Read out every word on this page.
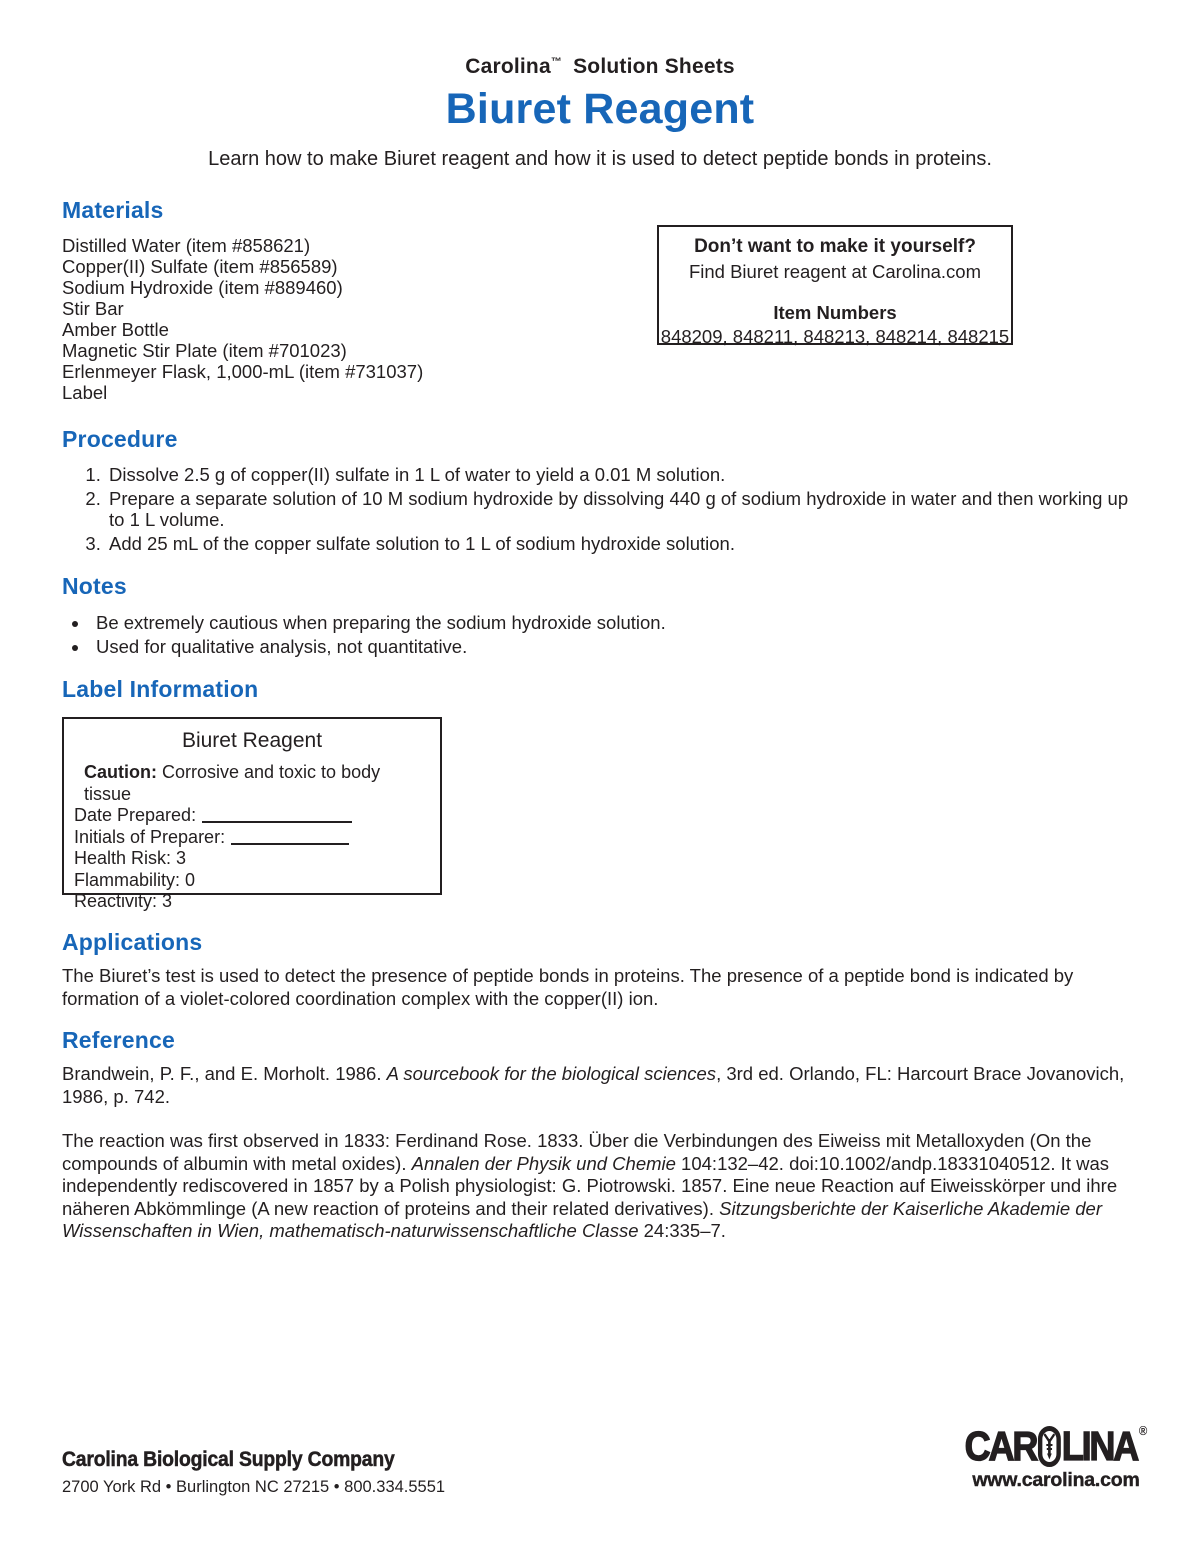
Carolina™ Solution Sheets
Biuret Reagent

Learn how to make Biuret reagent and how it is used to detect peptide bonds in proteins.

Materials
Distilled Water (item #858621)
Copper(II) Sulfate (item #856589)
Sodium Hydroxide (item #889460)
Stir Bar
Amber Bottle
Magnetic Stir Plate (item #701023)
Erlenmeyer Flask, 1,000-mL (item #731037)
Label
Procedure
1. Dissolve 2.5 g of copper(II) sulfate in 1 L of water to yield a 0.01 M solution.
2. Prepare a separate solution of 10 M sodium hydroxide by dissolving 440 g of sodium hydroxide in water and then working up to 1 L volume.
3. Add 25 mL of the copper sulfate solution to 1 L of sodium hydroxide solution.
Notes
• Be extremely cautious when preparing the sodium hydroxide solution.
• Used for qualitative analysis, not quantitative.
Label Information
Biuret Reagent
Caution: Corrosive and toxic to body tissue
Date Prepared:
Initials of Preparer:
Health Risk: 3
Flammability: 0
Reactivity: 3
Applications

The Biuret’s test is used to detect the presence of peptide bonds in proteins. The presence of a peptide bond is indicated by formation of a violet-colored coordination complex with the copper(II) ion.

Reference

Brandwein, P. F., and E. Morholt. 1986. A sourcebook for the biological sciences, 3rd ed. Orlando, FL: Harcourt Brace Jovanovich, 1986, p. 742.

The reaction was first observed in 1833: Ferdinand Rose. 1833. Über die Verbindungen des Eiweiss mit Metalloxyden (On the compounds of albumin with metal oxides). Annalen der Physik und Chemie 104:132–42. doi:10.1002/andp.18331040512. It was independently rediscovered in 1857 by a Polish physiologist: G. Piotrowski. 1857. Eine neue Reaction auf Eiweisskörper und ihre näheren Abkömmlinge (A new reaction of proteins and their related derivatives). Sitzungsberichte der Kaiserliche Akademie der Wissenschaften in Wien, mathematisch-naturwissenschaftliche Classe 24:335–7.

Don’t want to make it yourself?
Find Biuret reagent at Carolina.com
Item Numbers
848209, 848211, 848213, 848214, 848215
Carolina Biological Supply Company
2700 York Rd • Burlington NC 27215 • 800.334.5551
CAR LINA ®
www.carolina.com
